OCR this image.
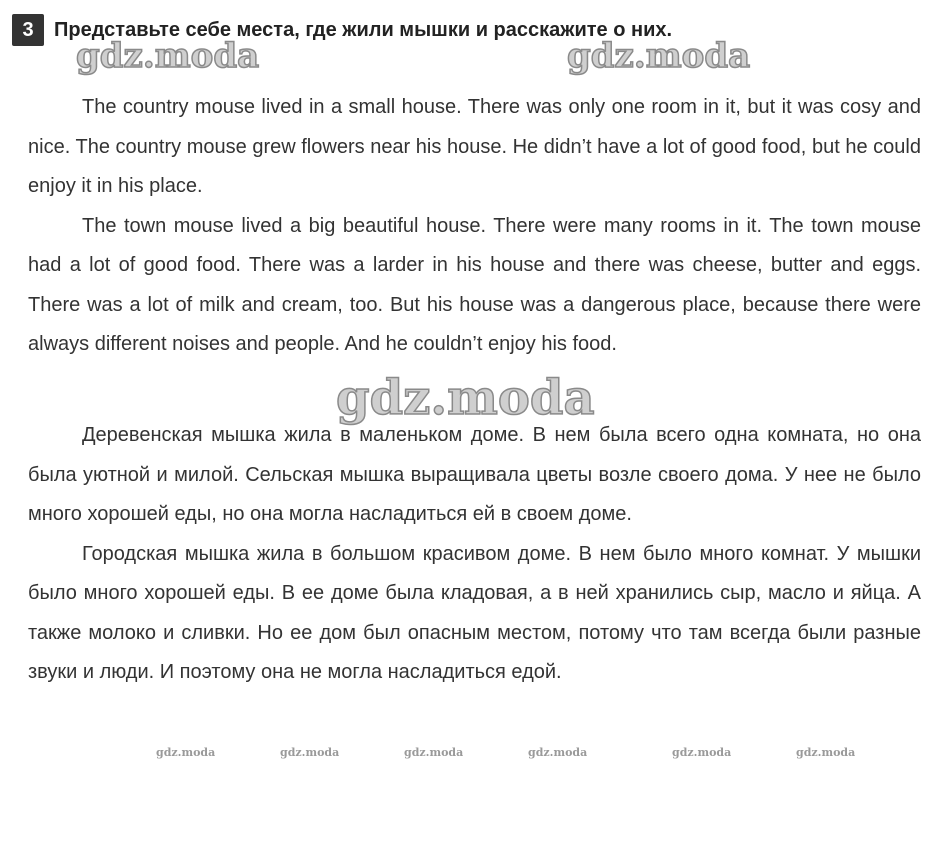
3	Представьте себе места, где жили мышки и расскажите о них.
gdz.moda	gdz.moda

The country mouse lived in a small house. There was only one room in it, but it was cosy and nice. The country mouse grew flowers near his house. He didn’t have a lot of good food, but he could enjoy it in his place.

The town mouse lived a big beautiful house. There were many rooms in it. The town mouse had a lot of good food. There was a larder in his house and there was cheese, butter and eggs. There was a lot of milk and cream, too. But his house was a dangerous place, because there were always different noises and people. And he couldn’t enjoy his food.

gdz.moda

Деревенская мышка жила в маленьком доме. В нем была всего одна комната, но она была уютной и милой. Сельская мышка выращивала цветы возле своего дома. У нее не было много хорошей еды, но она могла насладиться ей в своем доме.

Городская мышка жила в большом красивом доме. В нем было много комнат. У мышки было много хорошей еды. В ее доме была кладовая, а в ней хранились сыр, масло и яйца. А также молоко и сливки. Но ее дом был опасным местом, потому что там всегда были разные звуки и люди. И поэтому она не могла насладиться едой.

gdz.moda	gdz.moda	gdz.moda	gdz.moda	gdz.moda	gdz.moda
